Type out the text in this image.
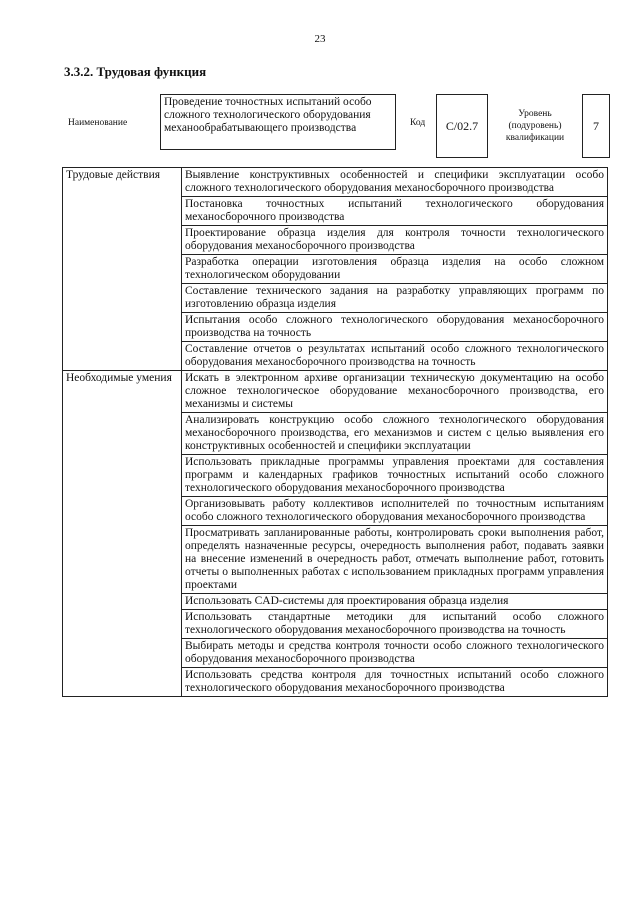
23
3.3.2. Трудовая функция
Наименование
Проведение точностных испытаний особо сложного технологического оборудования механообрабатывающего производства	Код	C/02.7
Уровень (подуровень) квалификации
7
Трудовые действия	Выявление конструктивных особенностей и специфики эксплуатации особо сложного технологического оборудования механосборочного производства
	Постановка точностных испытаний технологического оборудования механосборочного производства
	Проектирование образца изделия для контроля точности технологического оборудования механосборочного производства
	Разработка операции изготовления образца изделия на особо сложном технологическом оборудовании
	Составление технического задания на разработку управляющих программ по изготовлению образца изделия
	Испытания особо сложного технологического оборудования механосборочного производства на точность
	Составление отчетов о результатах испытаний особо сложного технологического оборудования механосборочного производства на точность
Необходимые умения	Искать в электронном архиве организации техническую документацию на особо сложное технологическое оборудование механосборочного производства, его механизмы и системы
	Анализировать конструкцию особо сложного технологического оборудования механосборочного производства, его механизмов и систем с целью выявления его конструктивных особенностей и специфики эксплуатации
	Использовать прикладные программы управления проектами для составления программ и календарных графиков точностных испытаний особо сложного технологического оборудования механосборочного производства
	Организовывать работу коллективов исполнителей по точностным испытаниям особо сложного технологического оборудования механосборочного производства
	Просматривать запланированные работы, контролировать сроки выполнения работ, определять назначенные ресурсы, очередность выполнения работ, подавать заявки на внесение изменений в очередность работ, отмечать выполнение работ, готовить отчеты о выполненных работах с использованием прикладных программ управления проектами
	Использовать CAD-системы для проектирования образца изделия
	Использовать стандартные методики для испытаний особо сложного технологического оборудования механосборочного производства на точность
	Выбирать методы и средства контроля точности особо сложного технологического оборудования механосборочного производства
	Использовать средства контроля для точностных испытаний особо сложного технологического оборудования механосборочного производства
